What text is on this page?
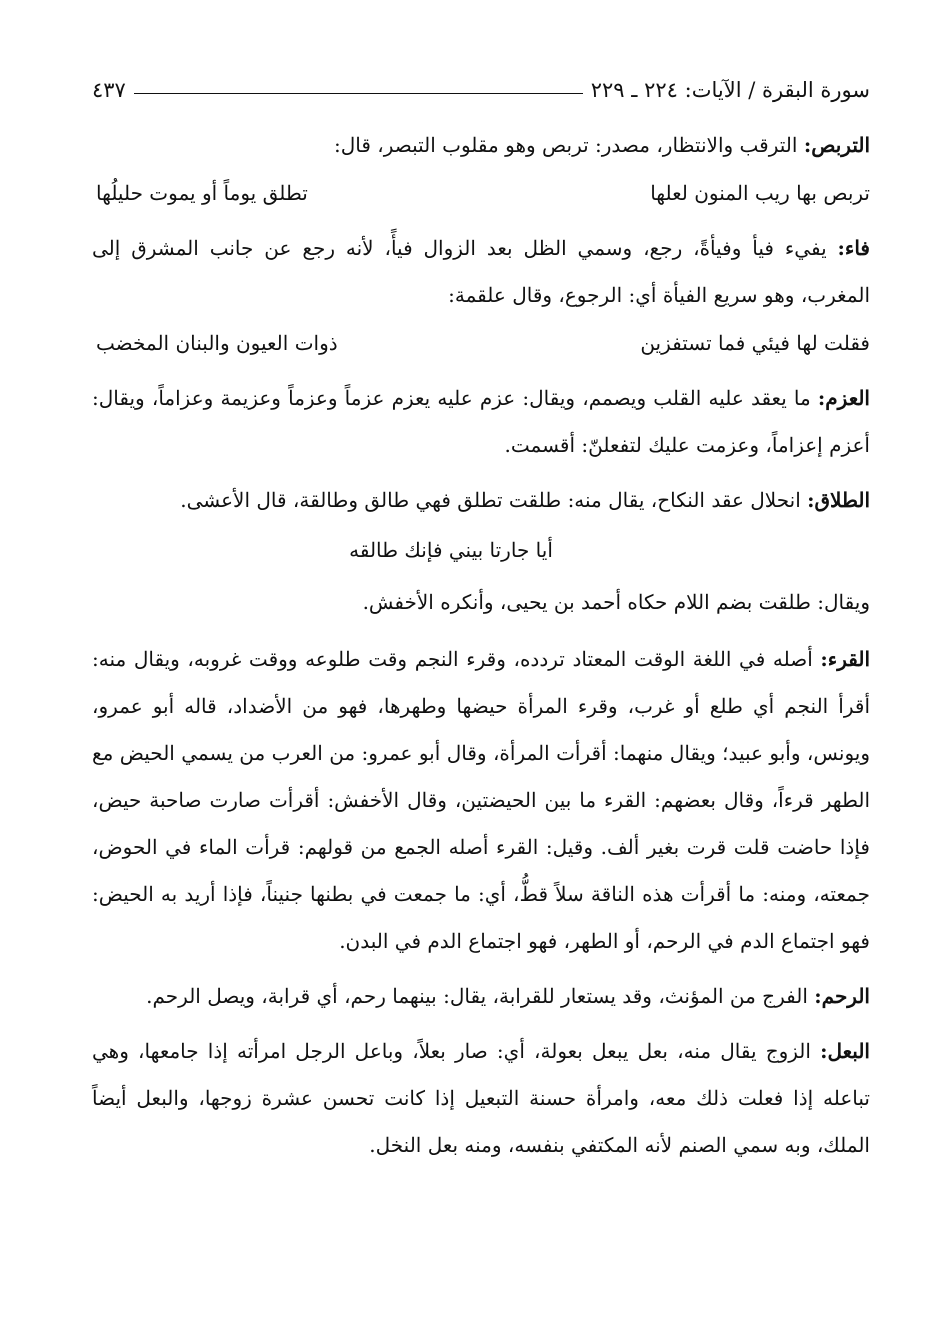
سورة البقرة / الآيات: ٢٢٤ ـ ٢٢٩
٤٣٧

التربص: الترقب والانتظار، مصدر: تربص وهو مقلوب التبصر، قال:

تربص بها ريب المنون لعلها
تطلق يوماً أو يموت حليلُها

فاء: يفيء فيأ وفيأةً، رجع، وسمي الظل بعد الزوال فيأً، لأنه رجع عن جانب المشرق إلى المغرب، وهو سريع الفيأة أي: الرجوع، وقال علقمة:

فقلت لها فيئي فما تستفزين
ذوات العيون والبنان المخضب

العزم: ما يعقد عليه القلب ويصمم، ويقال: عزم عليه يعزم عزماً وعزماً وعزيمة وعزاماً، ويقال: أعزم إعزاماً، وعزمت عليك لتفعلنّ: أقسمت.

الطلاق: انحلال عقد النكاح، يقال منه: طلقت تطلق فهي طالق وطالقة، قال الأعشى.

أيا جارتا بيني فإنك طالقه

ويقال: طلقت بضم اللام حكاه أحمد بن يحيى، وأنكره الأخفش.

القرء: أصله في اللغة الوقت المعتاد تردده، وقرء النجم وقت طلوعه ووقت غروبه، ويقال منه: أقرأ النجم أي طلع أو غرب، وقرء المرأة حيضها وطهرها، فهو من الأضداد، قاله أبو عمرو، ويونس، وأبو عبيد؛ ويقال منهما: أقرأت المرأة، وقال أبو عمرو: من العرب من يسمي الحيض مع الطهر قرءاً، وقال بعضهم: القرء ما بين الحيضتين، وقال الأخفش: أقرأت صارت صاحبة حيض، فإذا حاضت قلت قرت بغير ألف. وقيل: القرء أصله الجمع من قولهم: قرأت الماء في الحوض، جمعته، ومنه: ما أقرأت هذه الناقة سلاً قطُّ، أي: ما جمعت في بطنها جنيناً، فإذا أريد به الحيض: فهو اجتماع الدم في الرحم، أو الطهر، فهو اجتماع الدم في البدن.

الرحم: الفرج من المؤنث، وقد يستعار للقرابة، يقال: بينهما رحم، أي قرابة، ويصل الرحم.

البعل: الزوج يقال منه، بعل يبعل بعولة، أي: صار بعلاً، وباعل الرجل امرأته إذا جامعها، وهي تباعله إذا فعلت ذلك معه، وامرأة حسنة التبعيل إذا كانت تحسن عشرة زوجها، والبعل أيضاً الملك، وبه سمي الصنم لأنه المكتفي بنفسه، ومنه بعل النخل.
